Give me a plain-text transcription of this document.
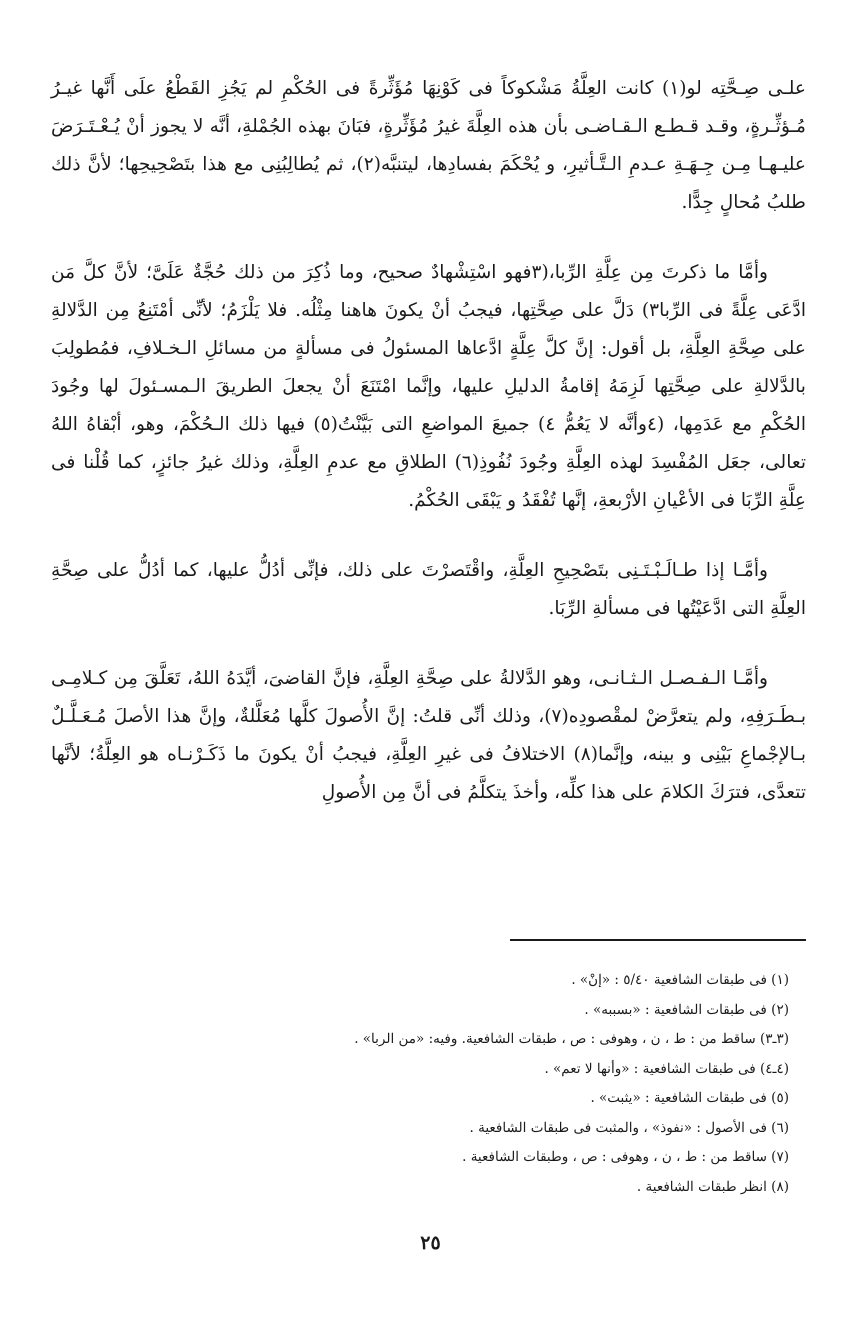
علـى صِـحَّتِه لو(١) كانت العِلَّةُ مَشْكوكاً فى كَوْنِهَا مُؤَثِّرةً فى الحُكْمِ لم يَجُزِ القَطْعُ علَى أَنَّها غيـرُ مُـؤثِّـرةٍ، وقـد قـطـع الـقـاضـى بأن هذه العِلَّةَ غيرُ مُؤَثِّرةٍ، فبَانَ بهذه الجُمْلةِ، أنَّه لا يجوز أنْ يُـعْـتَـرَضَ عليـهـا مِـن جِـهَـةِ عـدمِ الـتَّـأثيرِ، و يُحْكَمَ بفسادِها، ليتنبَّه(٢)، ثم يُطالِبُنِى مع هذا بتَصْحِيحِها؛ لأنَّ ذلك طلبُ مُحالٍ جِدًّا.

وأمَّا ما ذكرتَ مِن عِلَّةِ الرِّبا،(٣فهو اسْتِشْهادٌ صحيح، وما ذُكِرَ من ذلك حُجَّةٌ عَلَىَّ؛ لأنَّ كلَّ مَن ادَّعَى عِلَّةً فى الرِّبا٣) دَلَّ على صِحَّتِها، فيجبُ أنْ يكونَ هاهنا مِثْلُه. فلا يَلْزَمُ؛ لأنِّى أمْتَنِعُ مِن الدَّلالةِ على صِحَّةِ العِلَّةِ، بل أقول: إنَّ كلَّ عِلَّةٍ ادَّعاها المسئولُ فى مسألةٍ من مسائلِ الـخـلافِ، فمُطولِبَ بالدَّلالةِ على صِحَّتِها لَزِمَهُ إقامةُ الدليلِ عليها، وإنَّما امْتَنَعَ أنْ يجعلَ الطريقَ الـمسـئولَ لها وجُودَ الحُكْمِ مع عَدَمِها، (٤وأنَّه لا يَعُمُّ ٤) جميعَ المواضعِ التى بَيَّنْتُ(٥) فيها ذلك الـحُكْمَ، وهو، أبْقاهُ اللهُ تعالى، جعَل المُفْسِدَ لهذه العِلَّةِ وجُودَ نُفُوذِ(٦) الطلاقِ مع عدمِ العِلَّةِ، وذلك غيرُ جائزٍ، كما قُلْنا فى عِلَّةِ الرِّبَا فى الأعْيانِ الأرْبعةِ، إنَّها تُفْقَدُ و يَبْقَى الحُكْمُ.

وأمَّـا إذا طـالَـبْـتَـنِى بتَصْحِيحِ العِلَّةِ، واقْتَصرْتَ على ذلك، فإنِّى أدُلُّ عليها، كما أدُلُّ على صِحَّةِ العِلَّةِ التى ادَّعَيْتُها فى مسألةِ الرِّبَا.

وأمَّـا الـفـصـل الـثـانـى، وهو الدَّلالةُ على صِحَّةِ العِلَّةِ، فإنَّ القاضىَ، أيَّدَهُ اللهُ، تَعَلَّقَ مِن كـلامِـى بـطَـرَفِهِ، ولم يتعرَّضْ لمقْصودِه(٧)، وذلك أنِّى قلتُ: إنَّ الأُصولَ كلَّها مُعَلَّلةٌ، وإنَّ هذا الأصلَ مُـعَـلَّـلٌ بـالإجْماعِ بَيْنِى و بينه، وإنَّما(٨) الاختلافُ فى غيرِ العِلَّةِ، فيجبُ أنْ يكونَ ما ذَكَـرْنـاه هو العِلَّةُ؛ لأنَّها تتعدَّى، فترَكَ الكلامَ على هذا كلِّه، وأخذَ يتكلَّمُ فى أنَّ مِن الأُصولِ

(١) فى طبقات الشافعية ٥/٤٠ : «إنْ» .
(٢) فى طبقات الشافعية : «بسببه» .
(٣ـ٣) ساقط من : ط ، ن ، وهوفى : ص ، طبقات الشافعية. وفيه: «من الربا» .
(٤ـ٤) فى طبقات الشافعية : «وأنها لا تعم» .
(٥) فى طبقات الشافعية : «يثبت» .
(٦) فى الأصول : «نفوذ» ، والمثبت فى طبقات الشافعية .
(٧) ساقط من : ط ، ن ، وهوفى : ص ، وطبقات الشافعية .
(٨) انظر طبقات الشافعية .
٢٥
